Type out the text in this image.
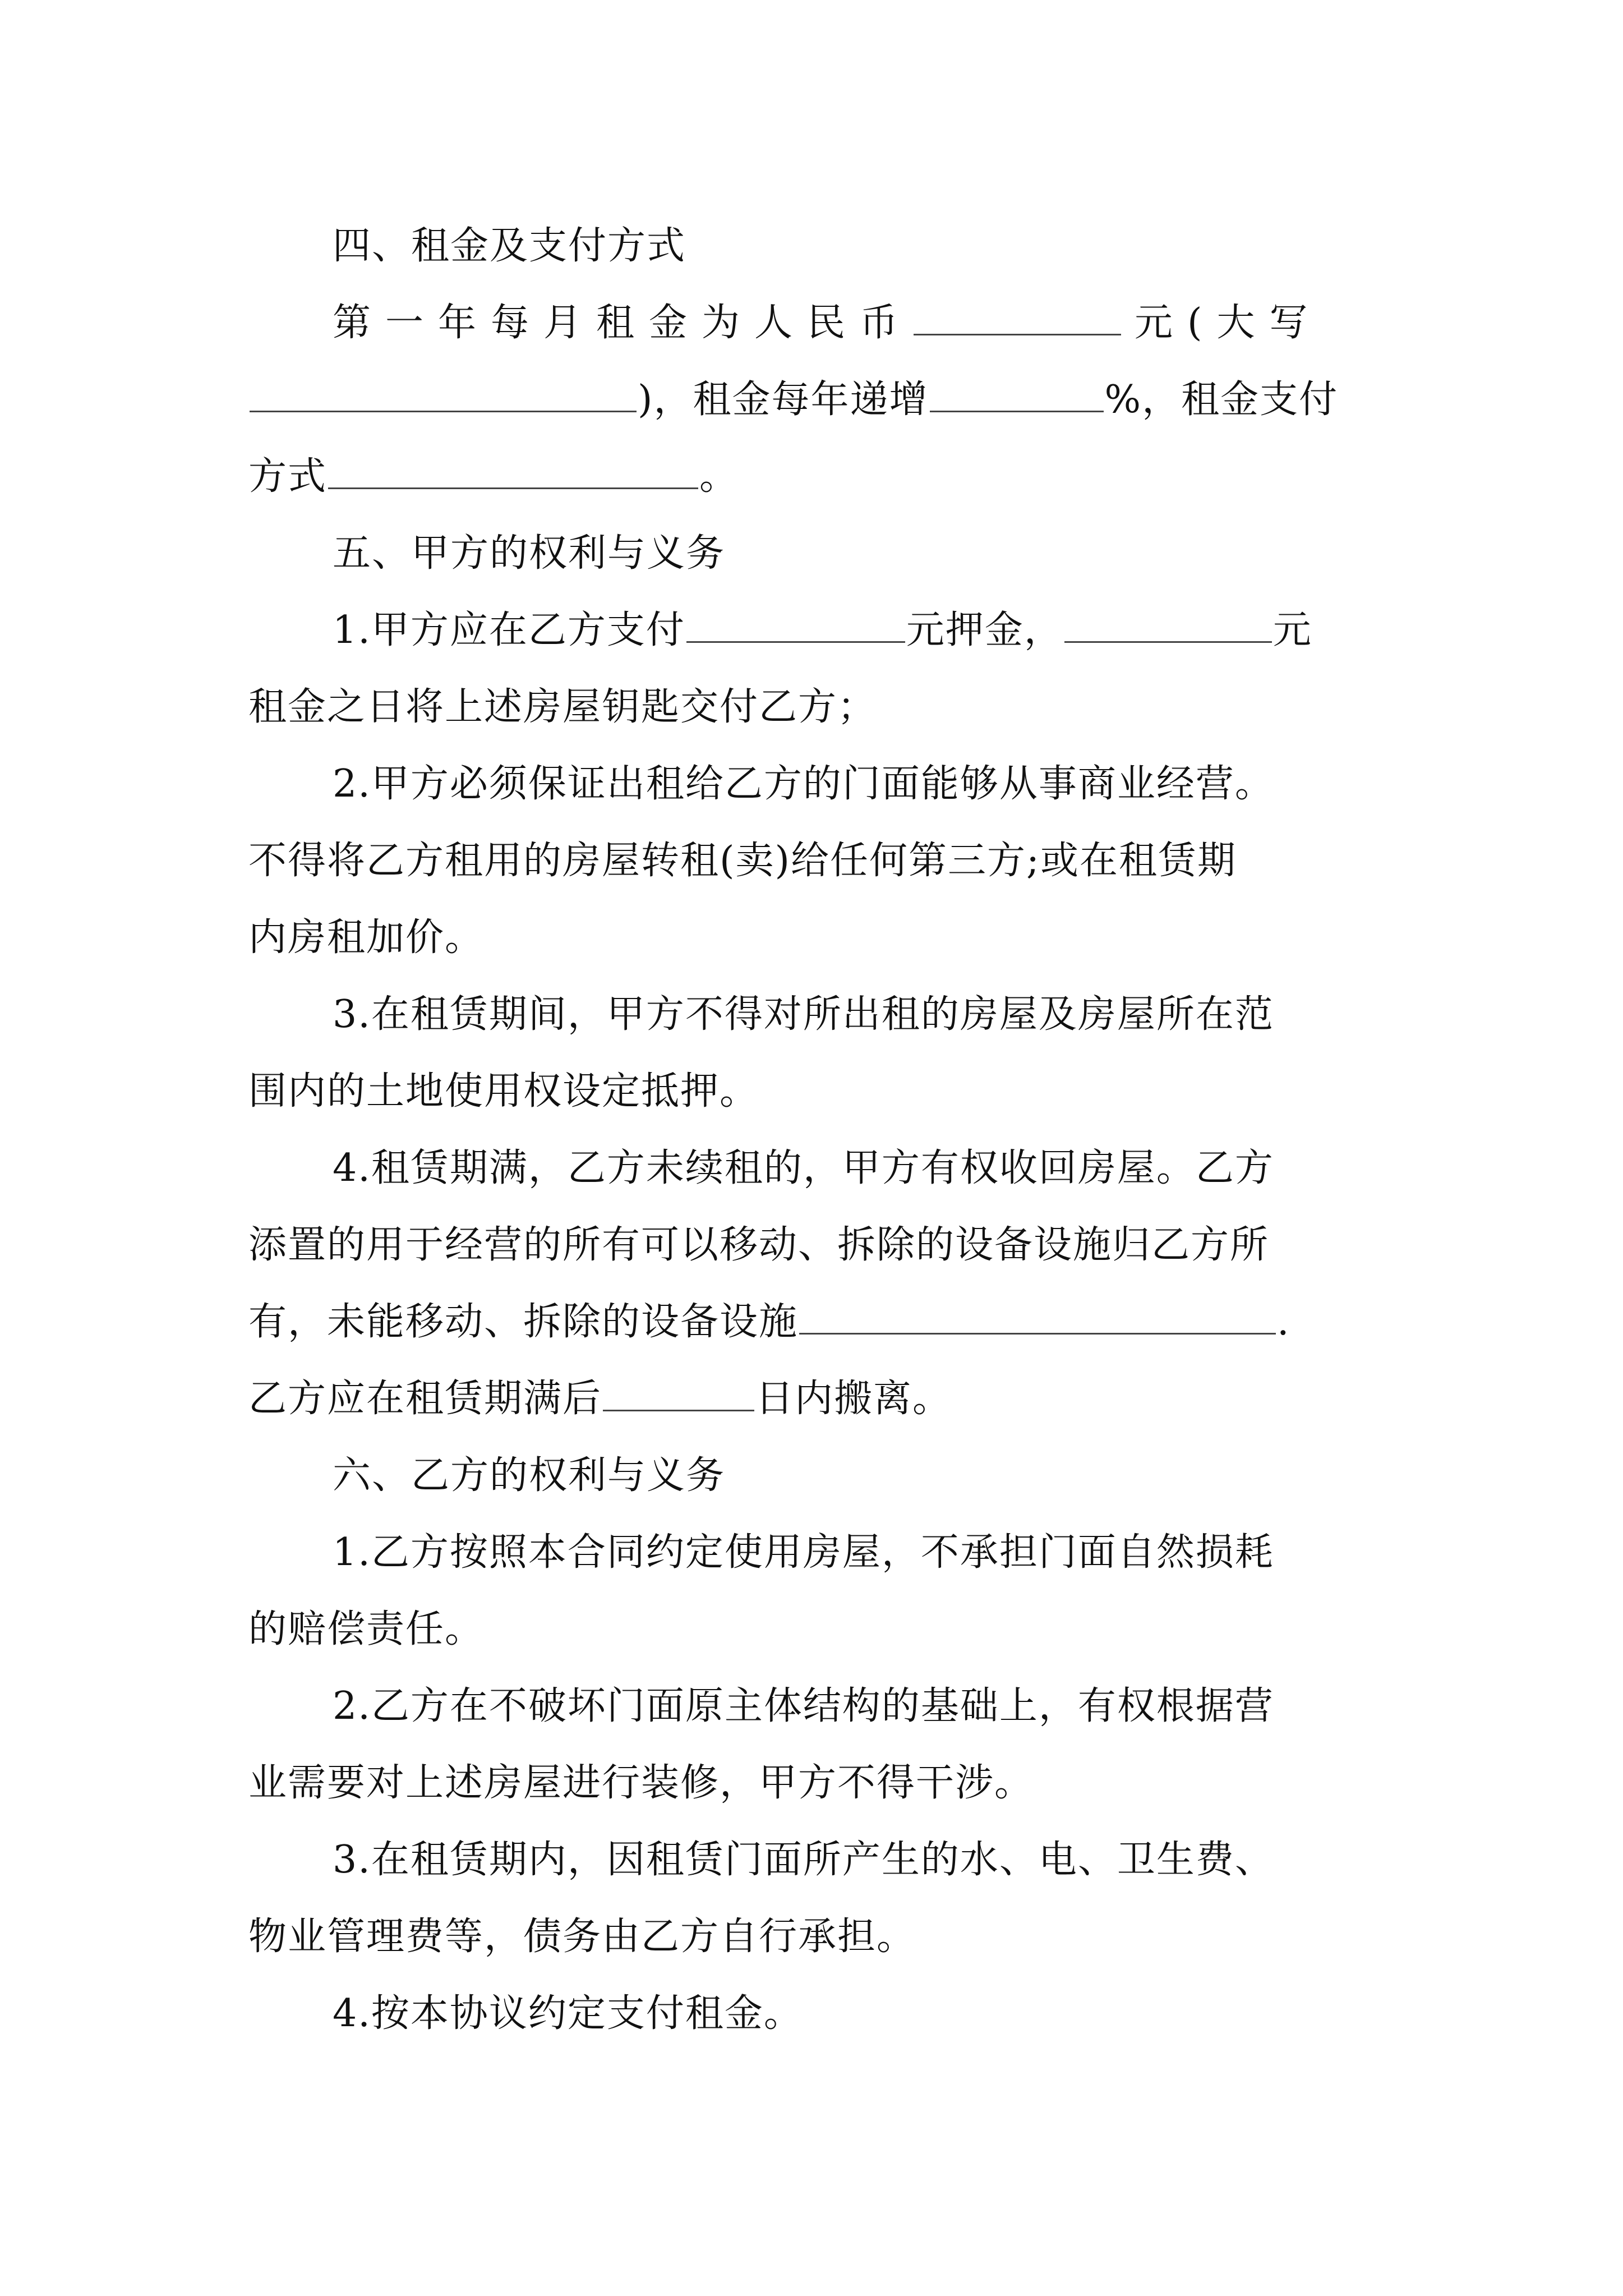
四、租金及支付方式

第一年每月租金为人民币	元(大写

)，租金每年递增	%，租金支付

方式	。

五、甲方的权利与义务

1.甲方应在乙方支付	元押金，	元

租金之日将上述房屋钥匙交付乙方；

2.甲方必须保证出租给乙方的门面能够从事商业经营。

不得将乙方租用的房屋转租(卖)给任何第三方;或在租赁期

内房租加价。

3.在租赁期间，甲方不得对所出租的房屋及房屋所在范

围内的土地使用权设定抵押。

4.租赁期满，乙方未续租的，甲方有权收回房屋。乙方

添置的用于经营的所有可以移动、拆除的设备设施归乙方所

有，未能移动、拆除的设备设施	.

乙方应在租赁期满后	日内搬离。

六、乙方的权利与义务

1.乙方按照本合同约定使用房屋，不承担门面自然损耗

的赔偿责任。

2.乙方在不破坏门面原主体结构的基础上，有权根据营

业需要对上述房屋进行装修，甲方不得干涉。

3.在租赁期内，因租赁门面所产生的水、电、卫生费、

物业管理费等，债务由乙方自行承担。

4.按本协议约定支付租金。
